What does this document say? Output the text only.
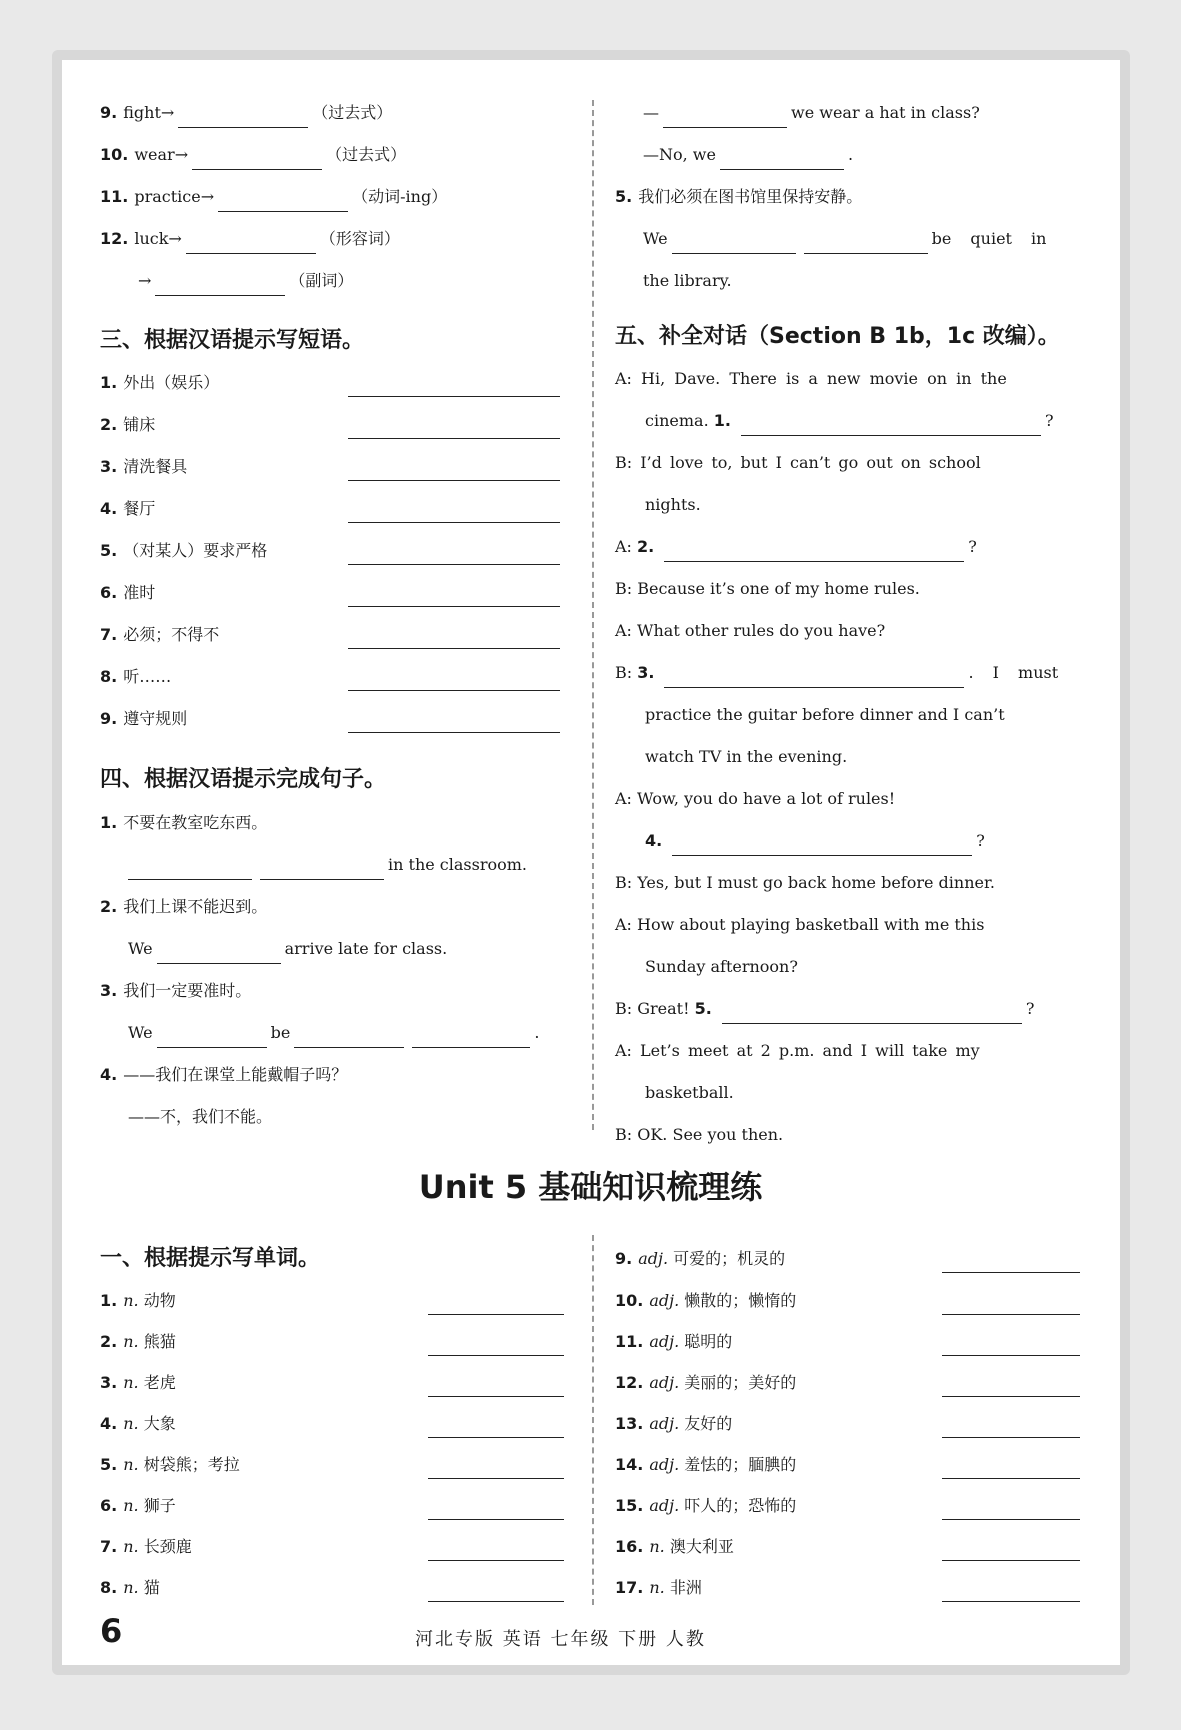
9. fight→	（过去式）
10. wear→	（过去式）
11. practice→	（动词-ing）
12. luck→	（形容词）
→	（副词）
三、根据汉语提示写短语。
1. 外出（娱乐）
2. 铺床
3. 清洗餐具
4. 餐厅
5. （对某人）要求严格
6. 准时
7. 必须；不得不
8. 听……
9. 遵守规则
四、根据汉语提示完成句子。
1. 不要在教室吃东西。
in the classroom.
2. 我们上课不能迟到。
We	arrive late for class.
3. 我们一定要准时。
We	be	.
4. ——我们在课堂上能戴帽子吗？
——不，我们不能。
—	we wear a hat in class?
—No, we	.
5. 我们必须在图书馆里保持安静。
We	be quiet in
the library.
五、补全对话（Section B 1b，1c 改编）。
A: Hi, Dave. There is a new movie on in the
cinema. 1.	?
B: I’d love to, but I can’t go out on school
nights.
A: 2.	?
B: Because it’s one of my home rules.
A: What other rules do you have?
B: 3.	. I must
practice the guitar before dinner and I can’t
watch TV in the evening.
A: Wow, you do have a lot of rules!
4.	?
B: Yes, but I must go back home before dinner.
A: How about playing basketball with me this
Sunday afternoon?
B: Great! 5.	?
A: Let’s meet at 2 p.m. and I will take my
basketball.
B: OK. See you then.
Unit 5 基础知识梳理练
一、根据提示写单词。
1. n. 动物
2. n. 熊猫
3. n. 老虎
4. n. 大象
5. n. 树袋熊；考拉
6. n. 狮子
7. n. 长颈鹿
8. n. 猫
9. adj. 可爱的；机灵的
10. adj. 懒散的；懒惰的
11. adj. 聪明的
12. adj. 美丽的；美好的
13. adj. 友好的
14. adj. 羞怯的；腼腆的
15. adj. 吓人的；恐怖的
16. n. 澳大利亚
17. n. 非洲
6	河北专版 英语 七年级 下册 人教
